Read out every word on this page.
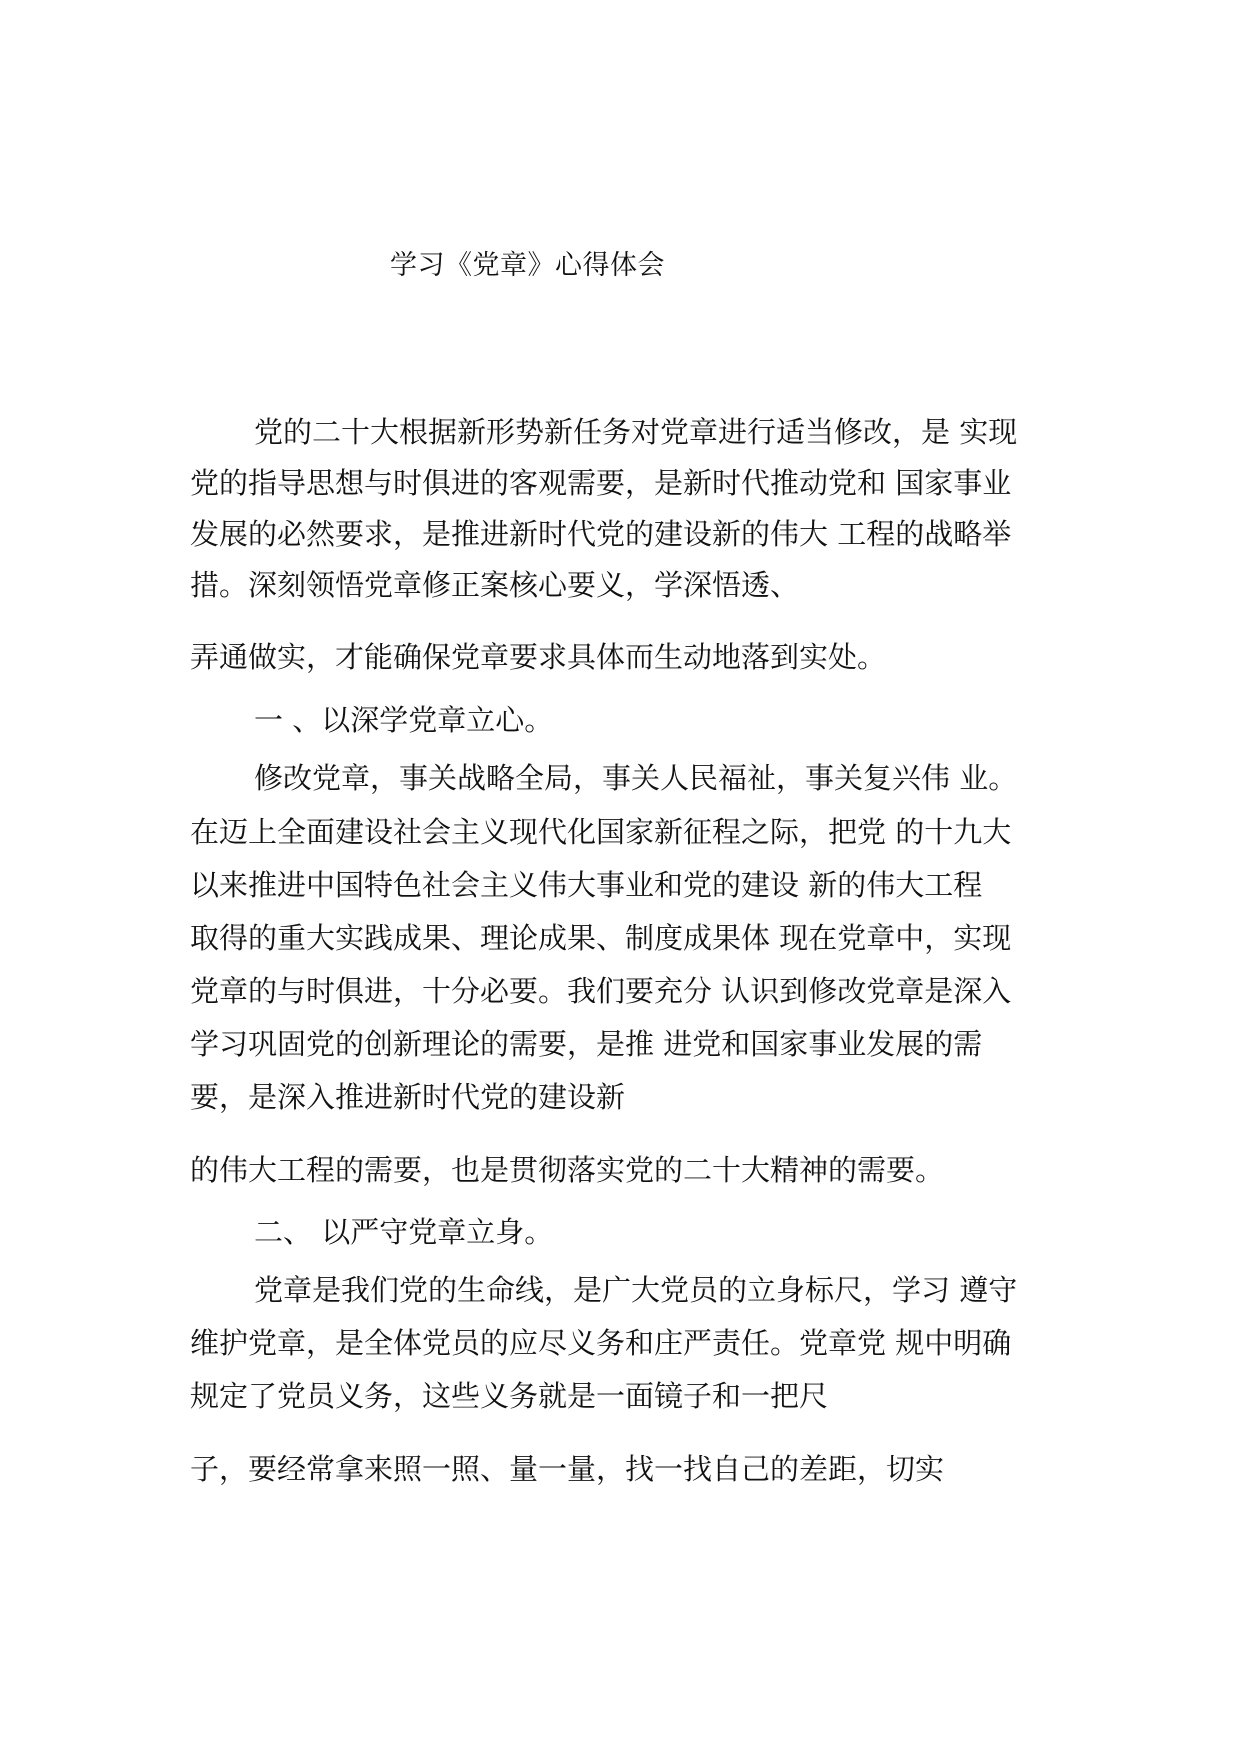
学习《党章》心得体会
党的二十大根据新形势新任务对党章进行适当修改，是 实现
党的指导思想与时俱进的客观需要，是新时代推动党和 国家事业
发展的必然要求，是推进新时代党的建设新的伟大 工程的战略举
措。深刻领悟党章修正案核心要义，学深悟透、
弄通做实，才能确保党章要求具体而生动地落到实处。
一 、以深学党章立心。
修改党章，事关战略全局，事关人民福祉，事关复兴伟 业。
在迈上全面建设社会主义现代化国家新征程之际，把党 的十九大
以来推进中国特色社会主义伟大事业和党的建设 新的伟大工程
取得的重大实践成果、理论成果、制度成果体 现在党章中，实现
党章的与时俱进，十分必要。我们要充分 认识到修改党章是深入
学习巩固党的创新理论的需要，是推 进党和国家事业发展的需
要，是深入推进新时代党的建设新
的伟大工程的需要，也是贯彻落实党的二十大精神的需要。
二、 以严守党章立身。
党章是我们党的生命线，是广大党员的立身标尺，学习 遵守
维护党章，是全体党员的应尽义务和庄严责任。党章党 规中明确
规定了党员义务，这些义务就是一面镜子和一把尺
子，要经常拿来照一照、量一量，找一找自己的差距，切实
